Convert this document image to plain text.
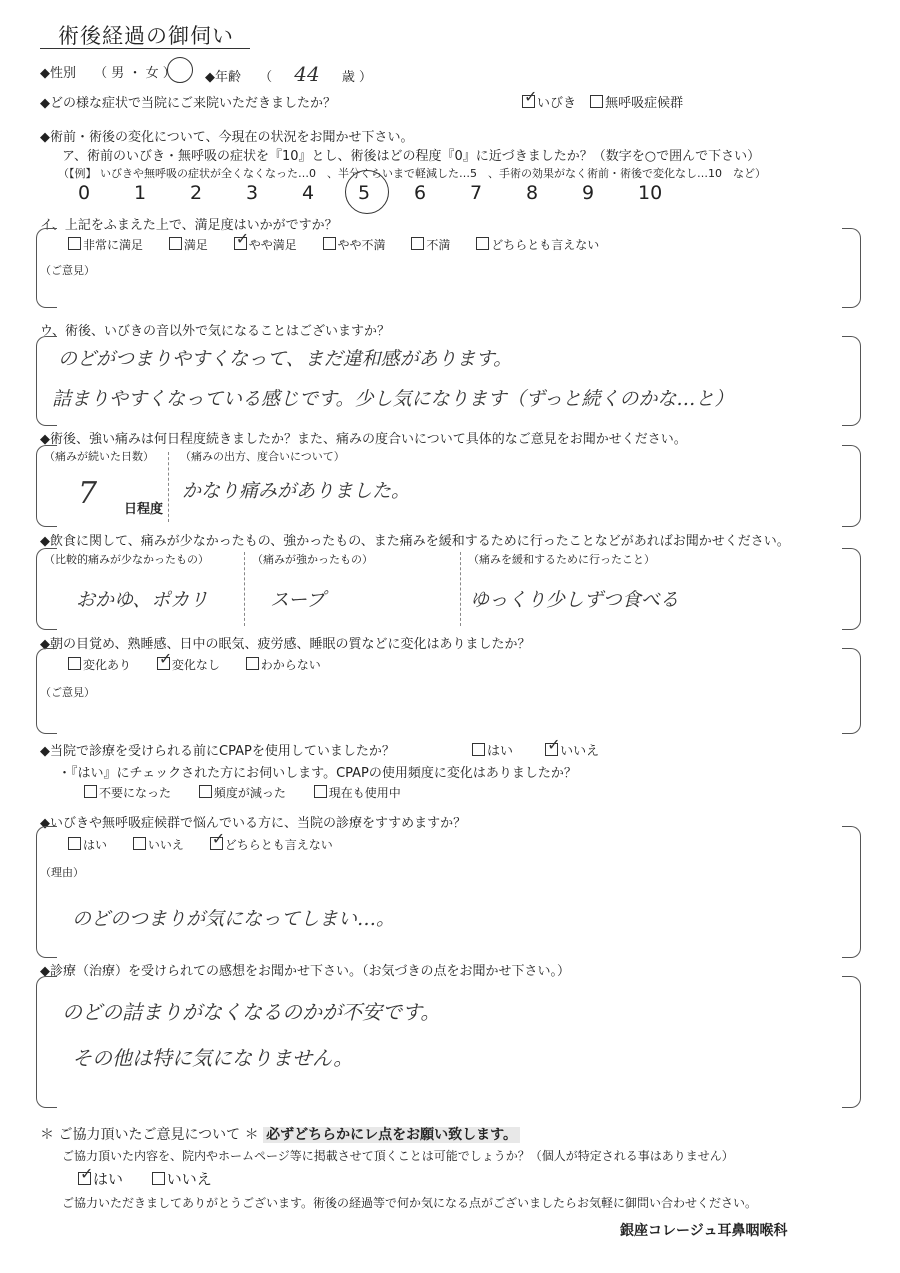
術後経過の御伺い
◆性別 （ 男 ・ 女 ） ◆年齢 （ 44 歳 ）
◆どの様な症状で当院にご来院いただきましたか？ ✓	いびき 無呼吸症候群
◆術前・術後の変化について、今現在の状況をお聞かせ下さい。
ア、術前のいびき・無呼吸の症状を『10』とし、術後はどの程度『0』に近づきましたか？（数字を○で囲んで下さい）
（【例】 いびきや無呼吸の症状が全くなくなった…0　、半分くらいまで軽減した…5　、手術の効果がなく術前・術後で変化なし…10　など）
0 1 2 3 4 5 6 7 8 9 10
イ、上記をふまえた上で、満足度はいかがですか？
非常に満足	満足 ✓	やや満足	やや不満	不満	どちらとも言えない
（ご意見）
ウ、術後、いびきの音以外で気になることはございますか？
のどがつまりやすくなって、まだ違和感があります。
詰まりやすくなっている感じです。少し気になります（ずっと続くのかな…と）
◆術後、強い痛みは何日程度続きましたか？また、痛みの度合いについて具体的なご意見をお聞かせください。
（痛みが続いた日数）
7 日程度
（痛みの出方、度合いについて）
かなり痛みがありました。
◆飲食に関して、痛みが少なかったもの、強かったもの、また痛みを緩和するために行ったことなどがあればお聞かせください。
（比較的痛みが少なかったもの）
おかゆ、ポカリ
（痛みが強かったもの）
スープ
（痛みを緩和するために行ったこと）
ゆっくり少しずつ食べる
◆朝の目覚め、熟睡感、日中の眠気、疲労感、睡眠の質などに変化はありましたか？
変化あり ✓	変化なし	わからない
（ご意見）
◆当院で診療を受けられる前にCPAPを使用していましたか？	はい ✓	いいえ
・『はい』にチェックされた方にお伺いします。CPAPの使用頻度に変化はありましたか？
不要になった	頻度が減った	現在も使用中
◆いびきや無呼吸症候群で悩んでいる方に、当院の診療をすすめますか？
はい	いいえ ✓	どちらとも言えない
（理由）
のどのつまりが気になってしまい…。
◆診療（治療）を受けられての感想をお聞かせ下さい。（お気づきの点をお聞かせ下さい。）
のどの詰まりがなくなるのかが不安です。
その他は特に気になりません。
＊ ご協力頂いたご意見について ＊ 必ずどちらかにレ点をお願い致します。
ご協力頂いた内容を、院内やホームページ等に掲載させて頂くことは可能でしょうか？（個人が特定される事はありません）
✓はい	いいえ
ご協力いただきましてありがとうございます。術後の経過等で何か気になる点がございましたらお気軽に御問い合わせください。
銀座コレージュ耳鼻咽喉科
